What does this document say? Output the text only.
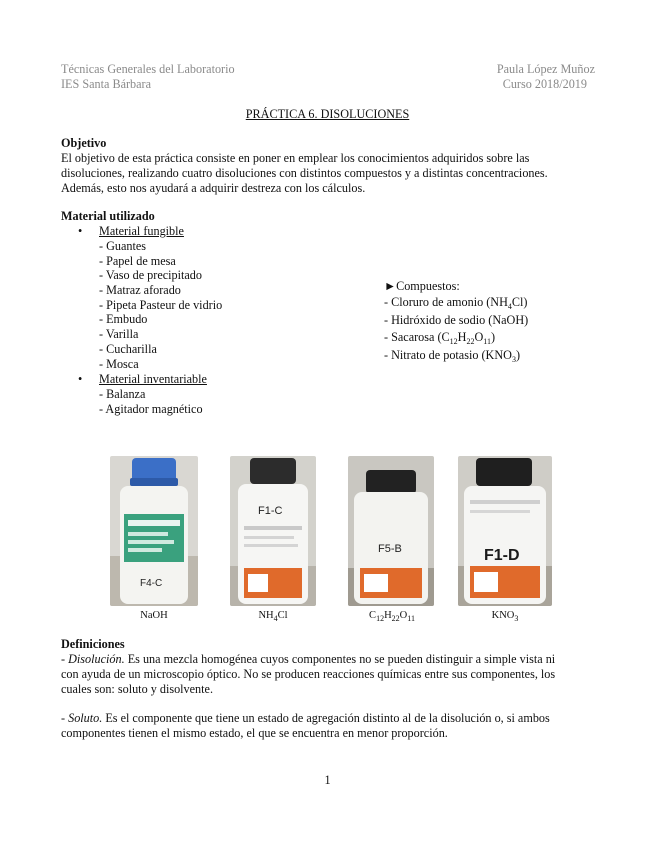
Técnicas Generales del Laboratorio
IES Santa Bárbara
Paula López Muñoz
Curso 2018/2019
PRÁCTICA 6. DISOLUCIONES
Objetivo
El objetivo de esta práctica consiste en poner en emplear los conocimientos adquiridos sobre las
disoluciones, realizando cuatro disoluciones con distintos compuestos y a distintas concentraciones.
Además, esto nos ayudará a adquirir destreza con los cálculos.
Material utilizado
• Material fungible
- Guantes
- Papel de mesa
- Vaso de precipitado
- Matraz aforado
- Pipeta Pasteur de vidrio
- Embudo
- Varilla
- Cucharilla
- Mosca
• Material inventariable
- Balanza
- Agitador magnético
►Compuestos:
- Cloruro de amonio $(NH_4Cl)$
- Hidróxido de sodio (NaOH)
- Sacarosa $(C_{12}H_{22}O_{11})$
- Nitrato de potasio $(KNO_3)$
F4-C
F1-C
F5-B	F1-D
NaOH	$NH_4Cl$	$C_{12}H_{22}O_{11}$	$KNO_3$
Definiciones
- Disolución. Es una mezcla homogénea cuyos componentes no se pueden distinguir a simple vista ni
con ayuda de un microscopio óptico. No se producen reacciones químicas entre sus componentes, los
cuales son: soluto y disolvente.
- Soluto. Es el componente que tiene un estado de agregación distinto al de la disolución o, si ambos
componentes tienen el mismo estado, el que se encuentra en menor proporción.
1
